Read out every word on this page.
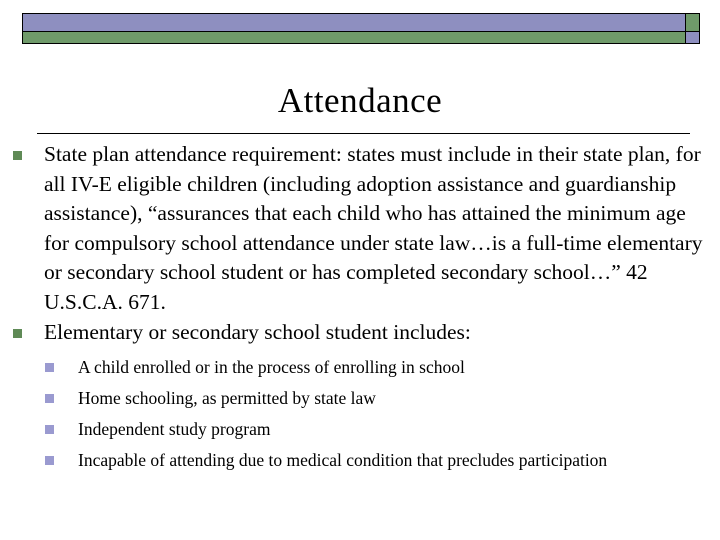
Attendance

State plan attendance requirement: states must include in their state plan, for all IV-E eligible children (including adoption assistance and guardianship assistance), “assurances that each child who has attained the minimum age for compulsory school attendance under state law…is a full-time elementary or secondary school student or has completed secondary school…” 42 U.S.C.A. 671.

Elementary or secondary school student includes:

A child enrolled or in the process of enrolling in school

Home schooling, as permitted by state law

Independent study program

Incapable of attending due to medical condition that precludes participation
